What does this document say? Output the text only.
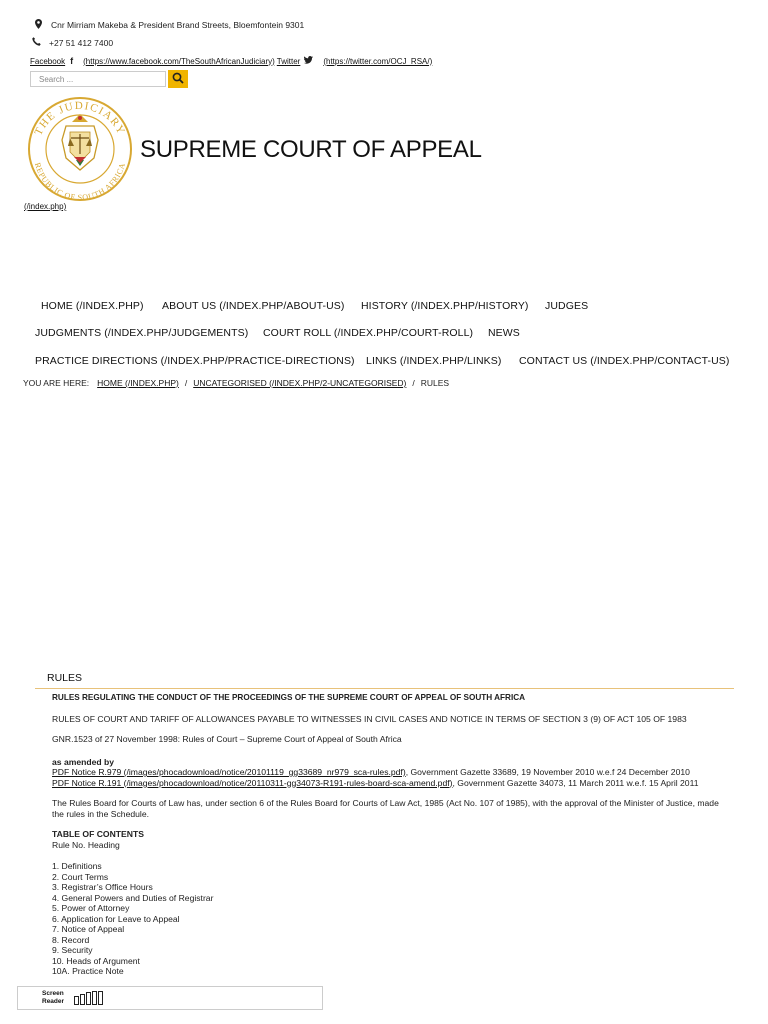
Cnr Mirriam Makeba & President Brand Streets, Bloemfontein 9301
+27 51 412 7400
Facebook f (https://www.facebook.com/TheSouthAfricanJudiciary) Twitter	(https://twitter.com/OCJ_RSA/)
Search ...
THE JUDICIARY
REPUBLIC OF SOUTH AFRICA
(/index.php)
SUPREME COURT OF APPEAL
HOME (/INDEX.PHP) ABOUT US (/INDEX.PHP/ABOUT-US) HISTORY (/INDEX.PHP/HISTORY) JUDGES
JUDGMENTS (/INDEX.PHP/JUDGEMENTS) COURT ROLL (/INDEX.PHP/COURT-ROLL) NEWS
PRACTICE DIRECTIONS (/INDEX.PHP/PRACTICE-DIRECTIONS) LINKS (/INDEX.PHP/LINKS) CONTACT US (/INDEX.PHP/CONTACT-US)
YOU ARE HERE: HOME (/INDEX.PHP) / UNCATEGORISED (/INDEX.PHP/2-UNCATEGORISED) / RULES
RULES

RULES REGULATING THE CONDUCT OF THE PROCEEDINGS OF THE SUPREME COURT OF APPEAL OF SOUTH AFRICA

RULES OF COURT AND TARIFF OF ALLOWANCES PAYABLE TO WITNESSES IN CIVIL CASES AND NOTICE IN TERMS OF SECTION 3 (9) OF ACT 105 OF 1983

GNR.1523 of 27 November 1998: Rules of Court – Supreme Court of Appeal of South Africa

as amended by

PDF Notice R.979 (/images/phocadownload/notice/20101119_gg33689_nr979_sca-rules.pdf), Government Gazette 33689, 19 November 2010 w.e.f 24 December 2010

PDF Notice R.191 (/images/phocadownload/notice/20110311-gg34073-R191-rules-board-sca-amend.pdf), Government Gazette 34073, 11 March 2011 w.e.f. 15 April 2011

The Rules Board for Courts of Law has, under section 6 of the Rules Board for Courts of Law Act, 1985 (Act No. 107 of 1985), with the approval of the Minister of Justice, made the rules in the Schedule.

TABLE OF CONTENTS

Rule No. Heading

1. Definitions

2. Court Terms

3. Registrar’s Office Hours

4. General Powers and Duties of Registrar

5. Power of Attorney

6. Application for Leave to Appeal

7. Notice of Appeal

8. Record

9. Security

10. Heads of Argument

10A. Practice Note

Screen Reader
